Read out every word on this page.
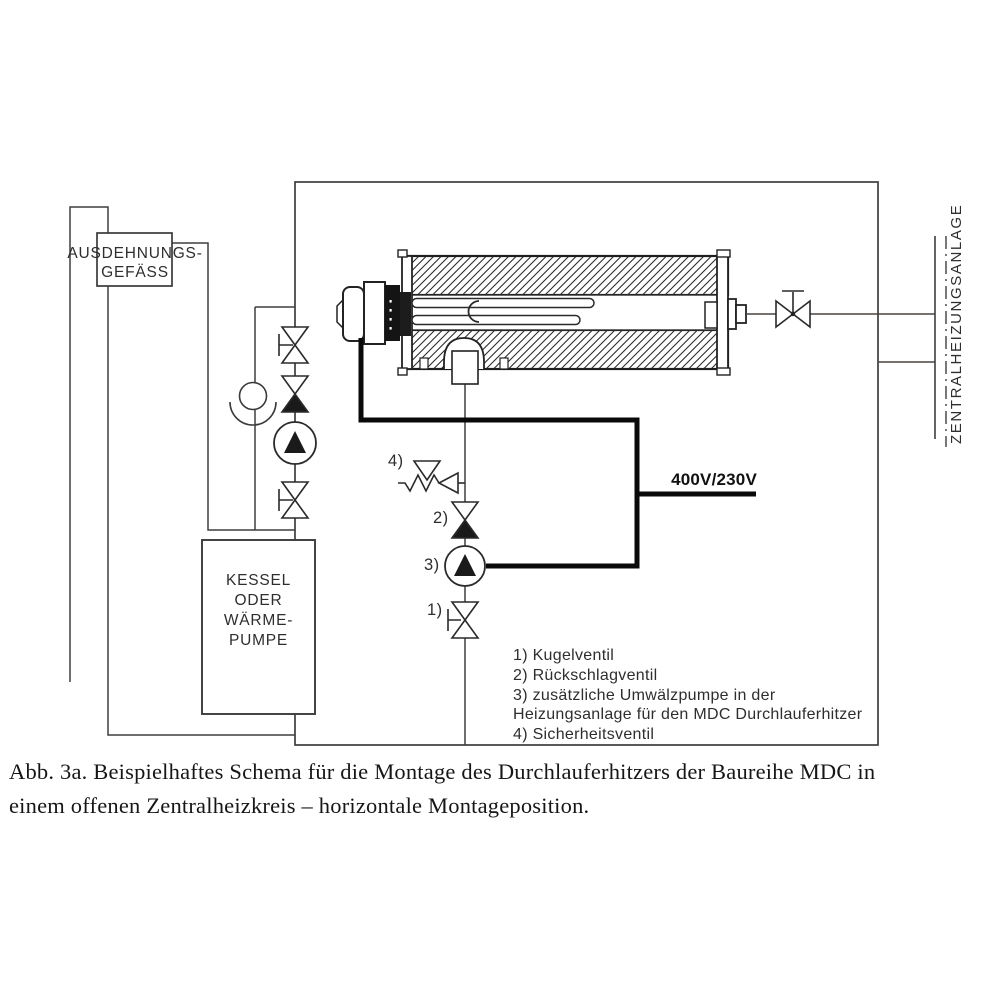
AUSDEHNUNGS-
GEFÄSS
KESSEL
ODER
WÄRME-
PUMPE
ZENTRALHEIZUNGSANLAGE
400V/230V
4)
2)
3)
1)
1) Kugelventil
2) Rückschlagventil
3) zusätzliche Umwälzpumpe in der
Heizungsanlage für den MDC Durchlauferhitzer
4) Sicherheitsventil
Abb. 3a. Beispielhaftes Schema für die Montage des Durchlauferhitzers der Baureihe MDC in
einem offenen Zentralheizkreis – horizontale Montageposition.
